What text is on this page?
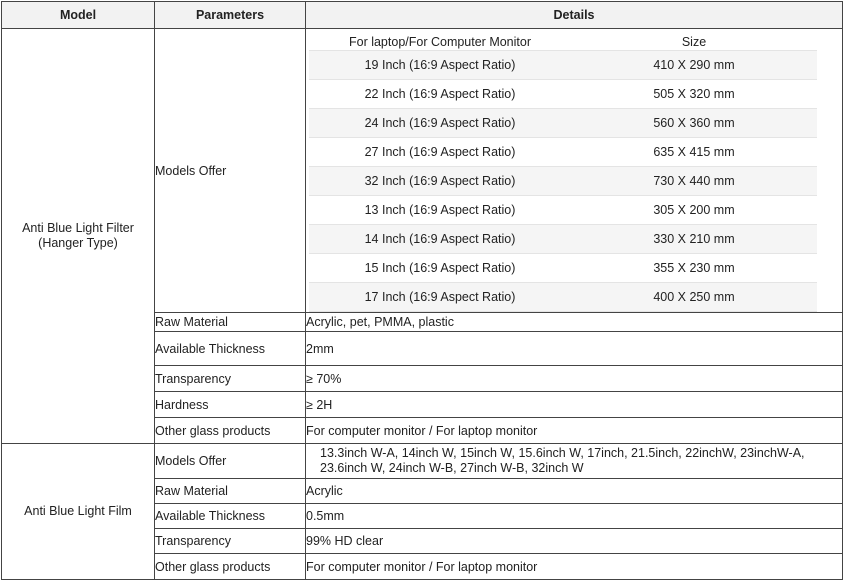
Model	Parameters	Details

Anti Blue Light Filter
(Hanger Type)
	Models Offer	
For laptop/For Computer Monitor	Size
19 Inch (16:9 Aspect Ratio)	410 X 290 mm
22 Inch (16:9 Aspect Ratio)	505 X 320 mm
24 Inch (16:9 Aspect Ratio)	560 X 360 mm
27 Inch (16:9 Aspect Ratio)	635 X 415 mm
32 Inch (16:9 Aspect Ratio)	730 X 440 mm
13 Inch (16:9 Aspect Ratio)	305 X 200 mm
14 Inch (16:9 Aspect Ratio)	330 X 210 mm
15 Inch (16:9 Aspect Ratio)	355 X 230 mm
17 Inch (16:9 Aspect Ratio)	400 X 250 mm

Raw Material	Acrylic, pet, PMMA, plastic
Available Thickness	2mm
Transparency	≥ 70%
Hardness	≥ 2H
Other glass products	For computer monitor / For laptop monitor
Anti Blue Light Film	Models Offer	
13.3inch W-A, 14inch W, 15inch W, 15.6inch W, 17inch, 21.5inch, 22inchW, 23inchW-A,
23.6inch W, 24inch W-B, 27inch W-B, 32inch W

Raw Material	Acrylic
Available Thickness	0.5mm
Transparency	99% HD clear
Other glass products	For computer monitor / For laptop monitor
